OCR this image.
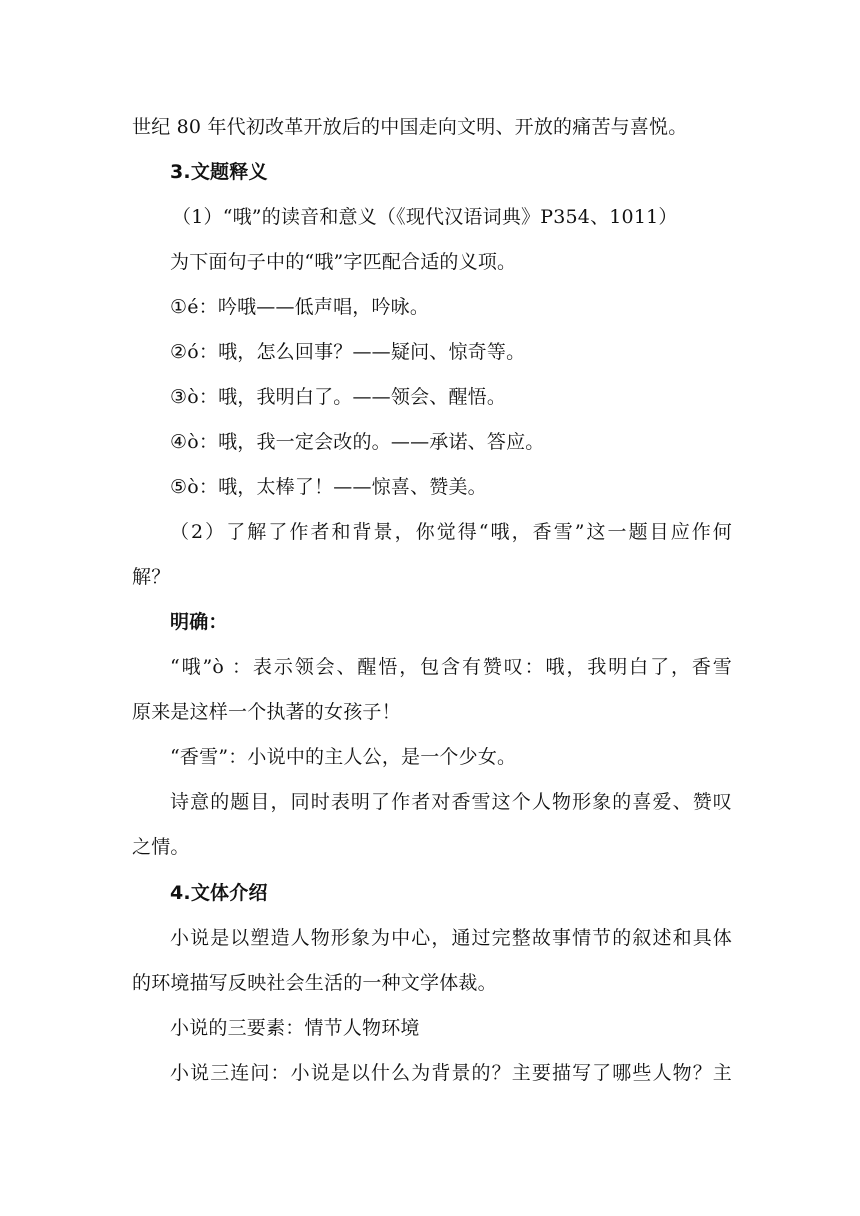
世纪 80 年代初改革开放后的中国走向文明、开放的痛苦与喜悦。
3.文题释义
（1）“哦”的读音和意义（《现代汉语词典》P354、1011）
为下面句子中的“哦”字匹配合适的义项。
①é：吟哦——低声唱，吟咏。
②ó：哦，怎么回事？——疑问、惊奇等。
③ò：哦，我明白了。——领会、醒悟。
④ò：哦，我一定会改的。——承诺、答应。
⑤ò：哦，太棒了！——惊喜、赞美。
（2）了解了作者和背景，你觉得“哦，香雪”这一题目应作何
解？
明确：
“哦”ò ：表示领会、醒悟，包含有赞叹：哦，我明白了，香雪
原来是这样一个执著的女孩子！
“香雪”：小说中的主人公，是一个少女。
诗意的题目，同时表明了作者对香雪这个人物形象的喜爱、赞叹
之情。
4.文体介绍
小说是以塑造人物形象为中心，通过完整故事情节的叙述和具体
的环境描写反映社会生活的一种文学体裁。
小说的三要素：情节人物环境
小说三连问：小说是以什么为背景的？主要描写了哪些人物？主
